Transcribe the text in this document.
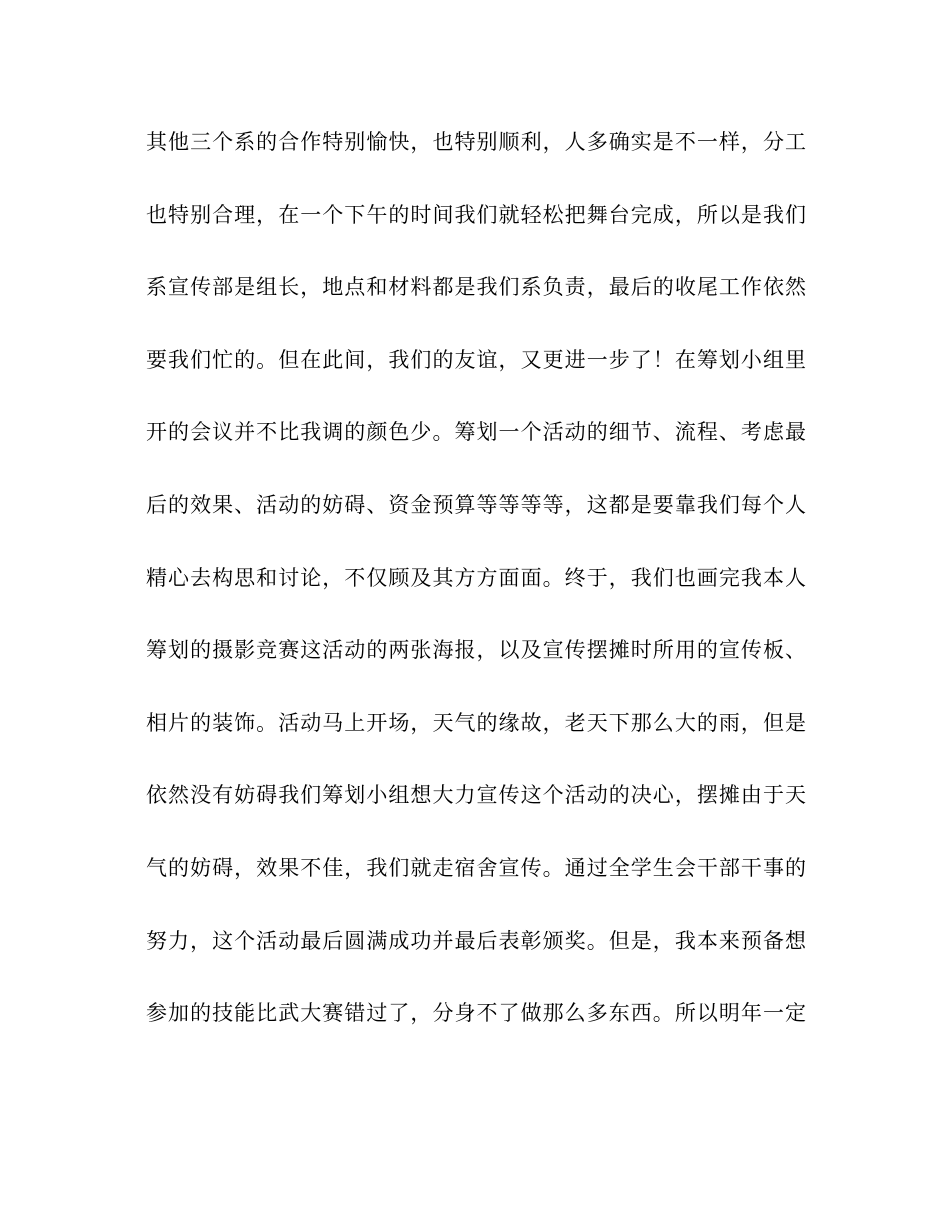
其他三个系的合作特别愉快，也特别顺利，人多确实是不一样，分工
也特别合理，在一个下午的时间我们就轻松把舞台完成，所以是我们
系宣传部是组长，地点和材料都是我们系负责，最后的收尾工作依然
要我们忙的。但在此间，我们的友谊，又更进一步了！在筹划小组里
开的会议并不比我调的颜色少。筹划一个活动的细节、流程、考虑最
后的效果、活动的妨碍、资金预算等等等等，这都是要靠我们每个人
精心去构思和讨论，不仅顾及其方方面面。终于，我们也画完我本人
筹划的摄影竞赛这活动的两张海报，以及宣传摆摊时所用的宣传板、
相片的装饰。活动马上开场，天气的缘故，老天下那么大的雨，但是
依然没有妨碍我们筹划小组想大力宣传这个活动的决心，摆摊由于天
气的妨碍，效果不佳，我们就走宿舍宣传。通过全学生会干部干事的
努力，这个活动最后圆满成功并最后表彰颁奖。但是，我本来预备想
参加的技能比武大赛错过了，分身不了做那么多东西。所以明年一定
